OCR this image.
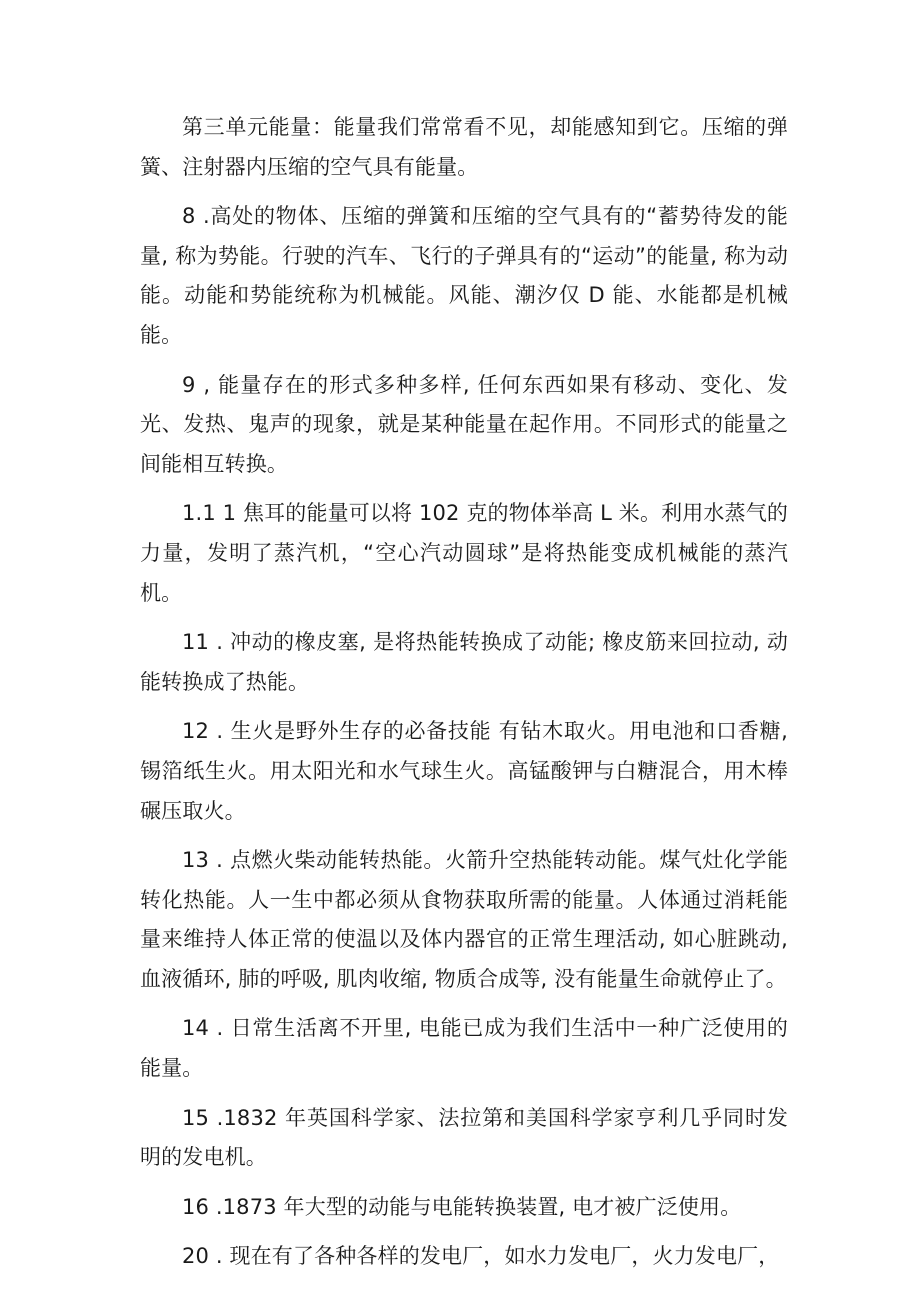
第三单元能量：能量我们常常看不见，却能感知到它。压缩的弹簧、注射器内压缩的空气具有能量。

8 .高处的物体、压缩的弹簧和压缩的空气具有的“蓄势待发的能量, 称为势能。行驶的汽车、飞行的子弹具有的“运动”的能量, 称为动能。动能和势能统称为机械能。风能、潮汐仅 D 能、水能都是机械能。

9 , 能量存在的形式多种多样, 任何东西如果有移动、变化、发光、发热、鬼声的现象，就是某种能量在起作用。不同形式的能量之间能相互转换。

1.1 1 焦耳的能量可以将 102 克的物体举高 L 米。利用水蒸气的力量，发明了蒸汽机，“空心汽动圆球”是将热能变成机械能的蒸汽机。

11 . 冲动的橡皮塞, 是将热能转换成了动能; 橡皮筋来回拉动, 动能转换成了热能。

12 . 生火是野外生存的必备技能 有钻木取火。用电池和口香糖, 锡箔纸生火。用太阳光和水气球生火。高锰酸钾与白糖混合，用木棒碾压取火。

13 . 点燃火柴动能转热能。火箭升空热能转动能。煤气灶化学能转化热能。人一生中都必须从食物获取所需的能量。人体通过消耗能量来维持人体正常的使温以及体内器官的正常生理活动, 如心脏跳动, 血液循环, 肺的呼吸, 肌肉收缩, 物质合成等, 没有能量生命就停止了。

14 . 日常生活离不开里, 电能已成为我们生活中一种广泛使用的能量。

15 .1832 年英国科学家、法拉第和美国科学家亨利几乎同时发明的发电机。

16 .1873 年大型的动能与电能转换装置, 电才被广泛使用。

20 . 现在有了各种各样的发电厂，如水力发电厂，火力发电厂，
